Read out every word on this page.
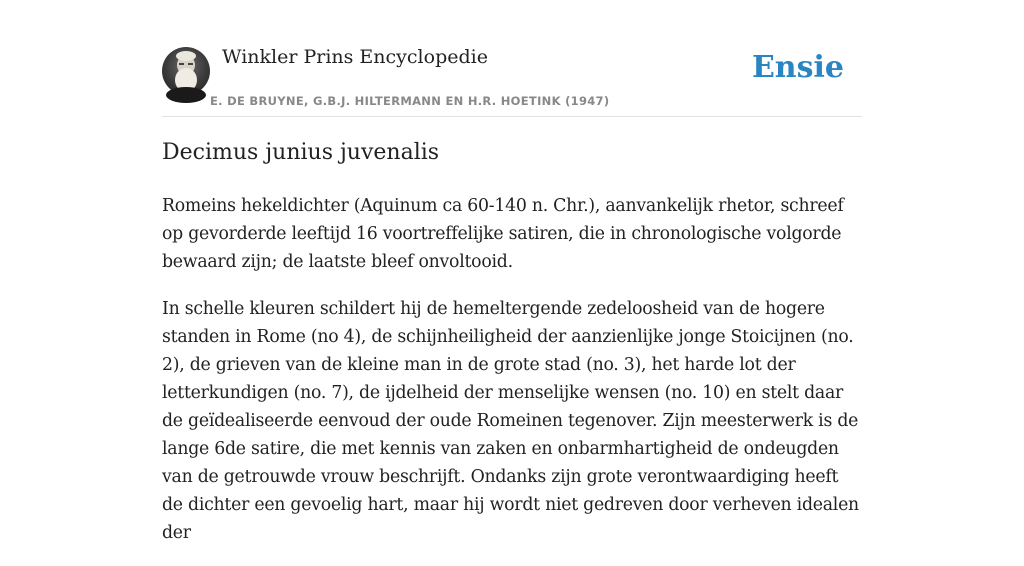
Winkler Prins Encyclopedie
E. DE BRUYNE, G.B.J. HILTERMANN EN H.R. HOETINK (1947)
Ensie
Decimus junius juvenalis

Romeins hekeldichter (Aquinum ca 60-140 n. Chr.), aanvankelijk rhetor, schreef op gevorderde leeftijd 16 voortreffelijke satiren, die in chronologische volgorde bewaard zijn; de laatste bleef onvoltooid.

In schelle kleuren schildert hij de hemeltergende zedeloosheid van de hogere standen in Rome (no 4), de schijnheiligheid der aanzienlijke jonge Stoicijnen (no. 2), de grieven van de kleine man in de grote stad (no. 3), het harde lot der letterkundigen (no. 7), de ijdelheid der menselijke wensen (no. 10) en stelt daar de geïdealiseerde eenvoud der oude Romeinen tegenover. Zijn meesterwerk is de lange 6de satire, die met kennis van zaken en onbarmhartigheid de ondeugden van de getrouwde vrouw beschrijft. Ondanks zijn grote verontwaardiging heeft de dichter een gevoelig hart, maar hij wordt niet gedreven door verheven idealen der
